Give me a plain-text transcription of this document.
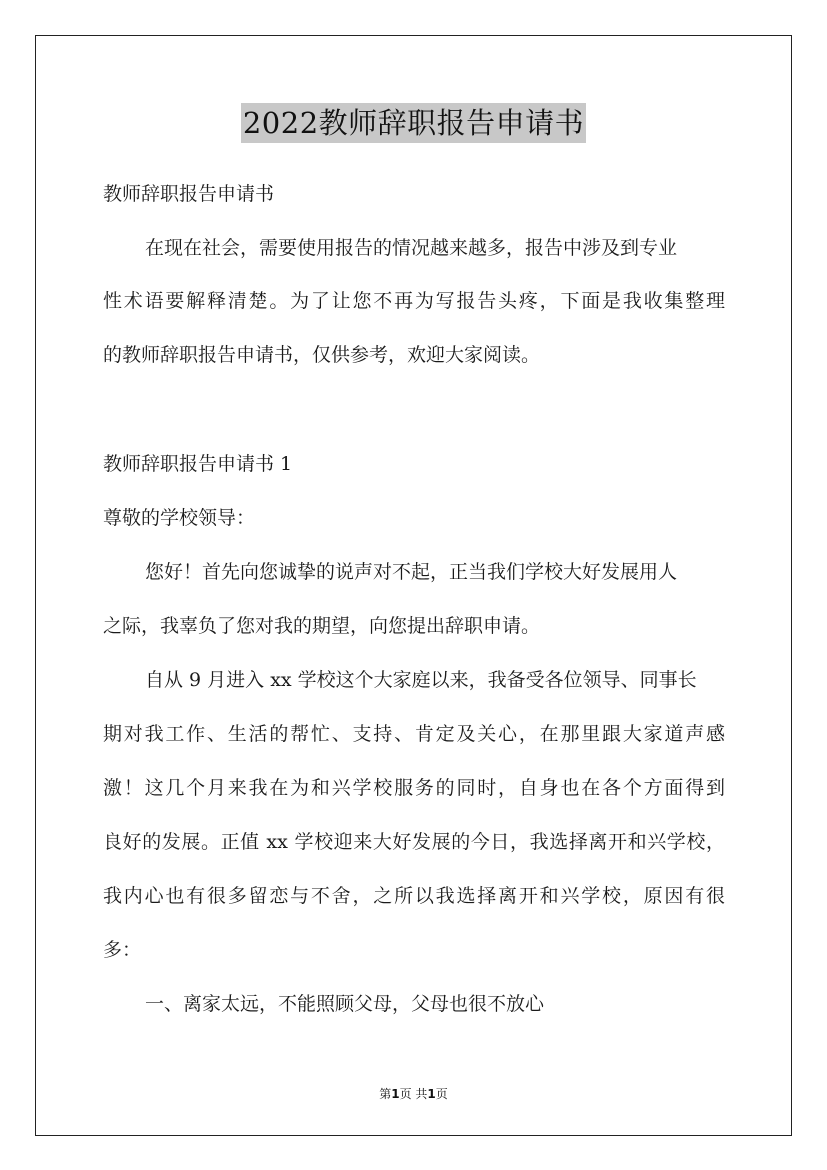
2022教师辞职报告申请书
教师辞职报告申请书
在现在社会，需要使用报告的情况越来越多，报告中涉及到专业
性术语要解释清楚。为了让您不再为写报告头疼，下面是我收集整理
的教师辞职报告申请书，仅供参考，欢迎大家阅读。
教师辞职报告申请书 1
尊敬的学校领导：
您好！首先向您诚挚的说声对不起，正当我们学校大好发展用人
之际，我辜负了您对我的期望，向您提出辞职申请。
自从 9 月进入 xx 学校这个大家庭以来，我备受各位领导、同事长
期对我工作、生活的帮忙、支持、肯定及关心，在那里跟大家道声感
激！这几个月来我在为和兴学校服务的同时，自身也在各个方面得到
良好的发展。正值 xx 学校迎来大好发展的今日，我选择离开和兴学校，
我内心也有很多留恋与不舍，之所以我选择离开和兴学校，原因有很
多：
一、离家太远，不能照顾父母，父母也很不放心
第1页 共1页
